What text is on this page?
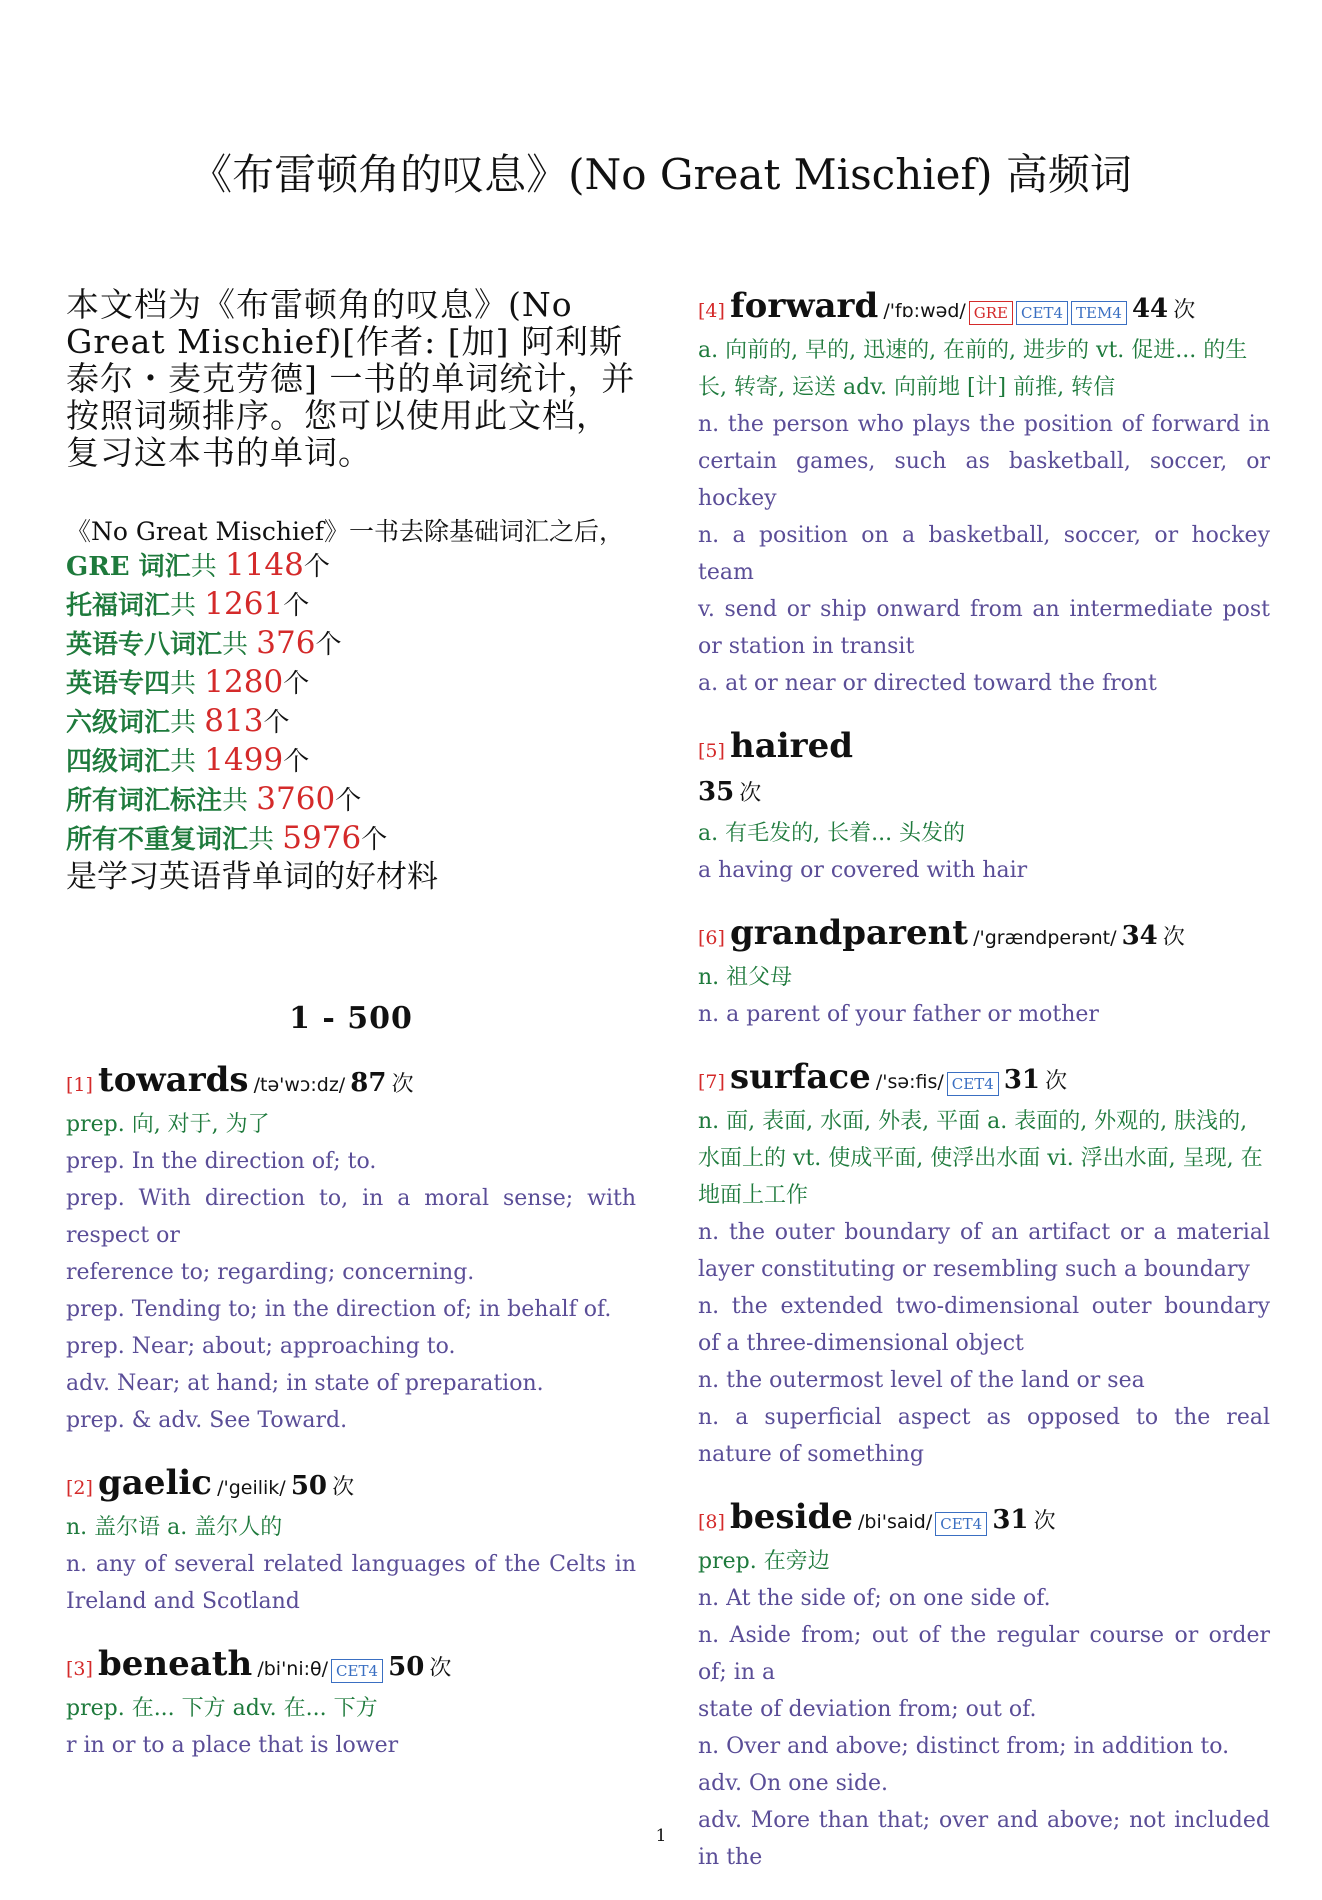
《布雷顿角的叹息》(No Great Mischief) 高频词

本文档为《布雷顿角的叹息》(No Great Mischief)[作者: [加] 阿利斯泰尔・麦克劳德] 一书的单词统计，并按照词频排序。您可以使用此文档，复习这本书的单词。

《No Great Mischief》一书去除基础词汇之后，
GRE 词汇共 1148个
托福词汇共 1261个
英语专八词汇共 376个
英语专四共 1280个
六级词汇共 813个
四级词汇共 1499个
所有词汇标注共 3760个
所有不重复词汇共 5976个
是学习英语背单词的好材料
1 - 500
[1] towards /tə'wɔ:dz/ 87 次
prep. 向, 对于, 为了
prep. In the direction of; to.
prep. With direction to, in a moral sense; with respect or
reference to; regarding; concerning.
prep. Tending to; in the direction of; in behalf of.
prep. Near; about; approaching to.
adv. Near; at hand; in state of preparation.
prep. & adv. See Toward.
[2] gaelic /'geilik/ 50 次
n. 盖尔语 a. 盖尔人的
n. any of several related languages of the Celts in Ireland and Scotland
[3] beneath /bi'ni:θ/ CET4 50 次
prep. 在... 下方 adv. 在... 下方
r in or to a place that is lower
[4] forward /'fɒ:wəd/ GRE CET4 TEM4 44 次
a. 向前的, 早的, 迅速的, 在前的, 进步的 vt. 促进... 的生长, 转寄, 运送 adv. 向前地 [计] 前推, 转信
n. the person who plays the position of forward in certain games, such as basketball, soccer, or hockey
n. a position on a basketball, soccer, or hockey team
v. send or ship onward from an intermediate post or station in transit
a. at or near or directed toward the front
[5] haired
35 次
a. 有毛发的, 长着... 头发的
a having or covered with hair
[6] grandparent /'grændperənt/ 34 次
n. 祖父母
n. a parent of your father or mother
[7] surface /'sə:fis/ CET4 31 次
n. 面, 表面, 水面, 外表, 平面 a. 表面的, 外观的, 肤浅的, 水面上的 vt. 使成平面, 使浮出水面 vi. 浮出水面, 呈现, 在地面上工作
n. the outer boundary of an artifact or a material layer constituting or resembling such a boundary
n. the extended two-dimensional outer boundary of a three-dimensional object
n. the outermost level of the land or sea
n. a superficial aspect as opposed to the real nature of something
[8] beside /bi'said/ CET4 31 次
prep. 在旁边
n. At the side of; on one side of.
n. Aside from; out of the regular course or order of; in a
state of deviation from; out of.
n. Over and above; distinct from; in addition to.
adv. On one side.
adv. More than that; over and above; not included in the
1
